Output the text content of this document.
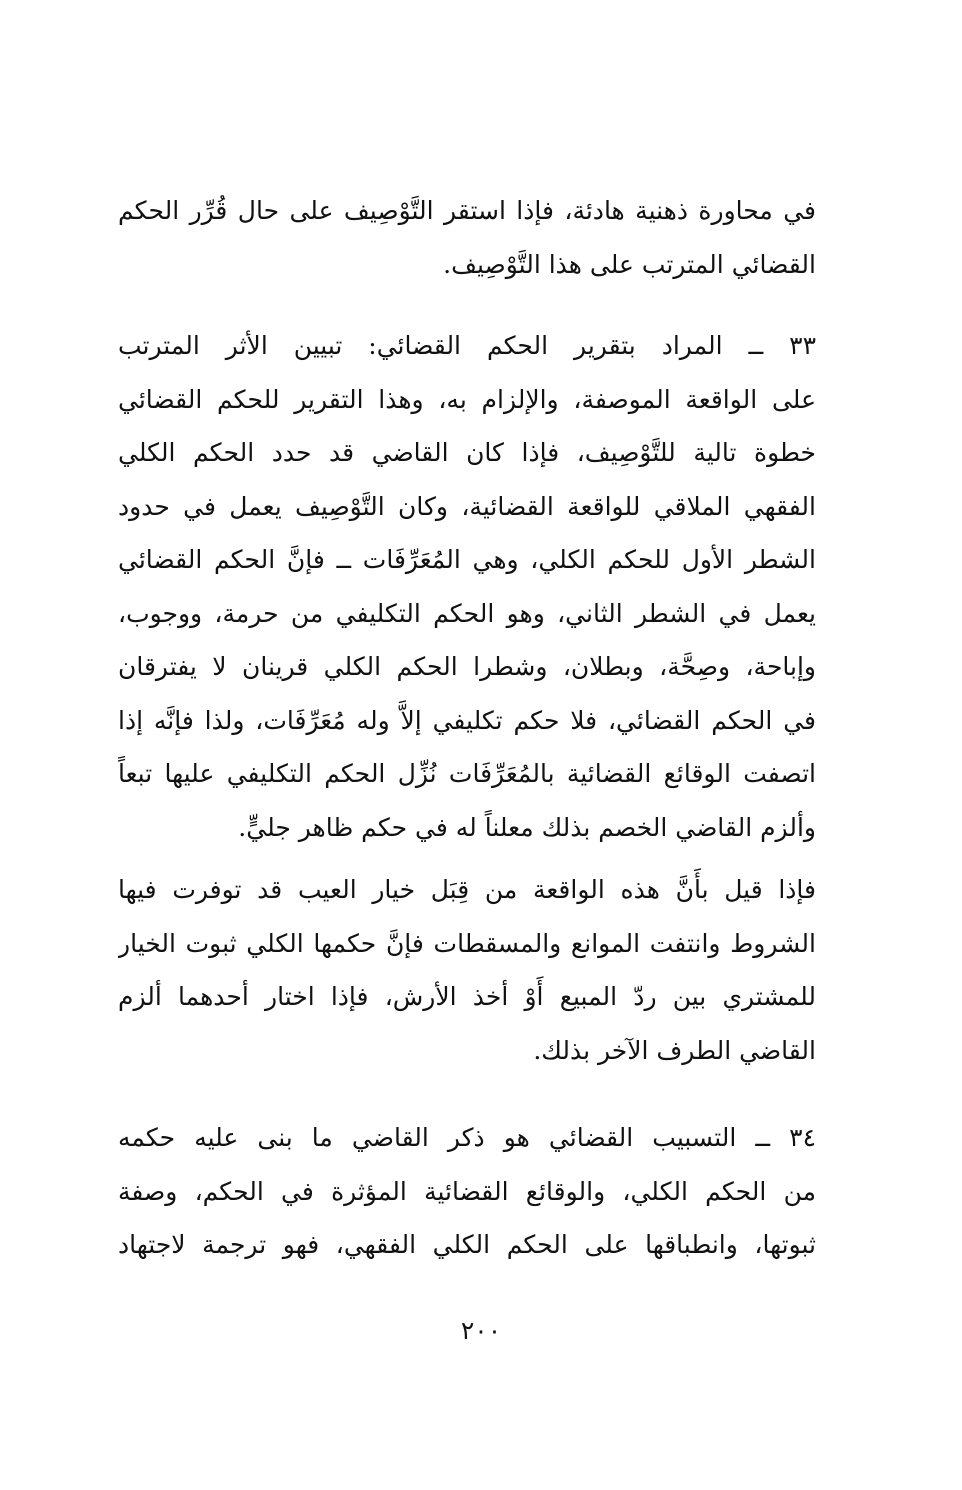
في محاورة ذهنية هادئة، فإذا استقر التَّوْصِيف على حال قُرِّر الحكم
القضائي المترتب على هذا التَّوْصِيف.
٣٣ ــ المراد بتقرير الحكم القضائي: تبيين الأثر المترتب
على الواقعة الموصفة، والإلزام به، وهذا التقرير للحكم القضائي
خطوة تالية للتَّوْصِيف، فإذا كان القاضي قد حدد الحكم الكلي
الفقهي الملاقي للواقعة القضائية، وكان التَّوْصِيف يعمل في حدود
الشطر الأول للحكم الكلي، وهي المُعَرِّفَات ــ فإنَّ الحكم القضائي
يعمل في الشطر الثاني، وهو الحكم التكليفي من حرمة، ووجوب،
وإباحة، وصِحَّة، وبطلان، وشطرا الحكم الكلي قرينان لا يفترقان
في الحكم القضائي، فلا حكم تكليفي إلاَّ وله مُعَرِّفَات، ولذا فإنَّه إذا
اتصفت الوقائع القضائية بالمُعَرِّفَات نُزِّل الحكم التكليفي عليها تبعاً
وألزم القاضي الخصم بذلك معلناً له في حكم ظاهر جليٍّ.
فإذا قيل بأَنَّ هذه الواقعة من قِبَل خيار العيب قد توفرت فيها
الشروط وانتفت الموانع والمسقطات فإنَّ حكمها الكلي ثبوت الخيار
للمشتري بين ردّ المبيع أَوْ أخذ الأرش، فإذا اختار أحدهما ألزم
القاضي الطرف الآخر بذلك.
٣٤ ــ التسبيب القضائي هو ذكر القاضي ما بنى عليه حكمه
من الحكم الكلي، والوقائع القضائية المؤثرة في الحكم، وصفة
ثبوتها، وانطباقها على الحكم الكلي الفقهي، فهو ترجمة لاجتهاد
٢٠٠
